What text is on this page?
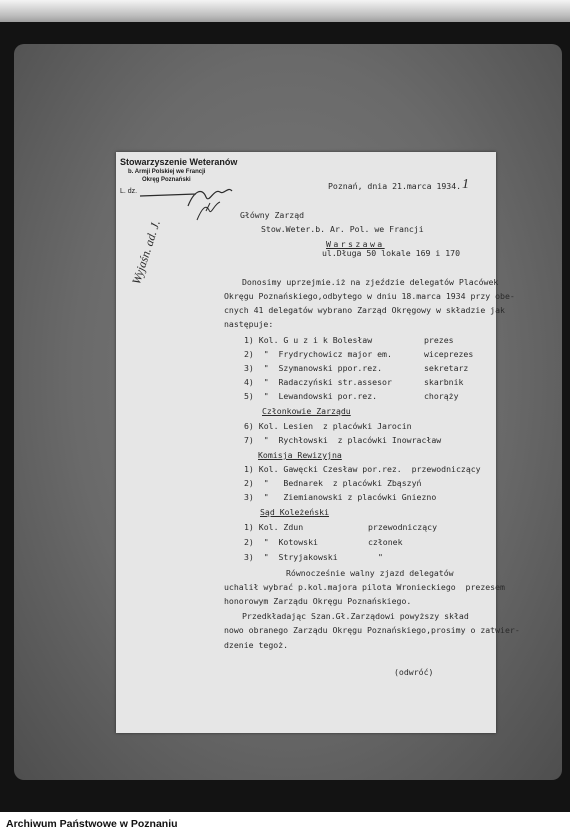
Stowarzyszenie Weteranów
b. Armji Polskiej we Francji
Okręg Poznański
L. dz.	1
Wyjaśn. ad. J.
Poznań, dnia 21.marca 1934.
Główny Zarząd
Stow.Weter.b. Ar. Pol. we Francji
Warszawa
ul.Długa 50 lokale 169 i 170
Donosimy uprzejmie.iż na zjeździe delegatów Placówek
Okręgu Poznańskiego,odbytego w dniu 18.marca 1934 przy obe-
cnych 41 delegatów wybrano Zarząd Okręgowy w składzie jak
następuje:
1) Kol. G u z i k Bolesław	prezes
2)  "  Frydrychowicz major em.	wiceprezes
3)  "  Szymanowski ppor.rez.	sekretarz
4)  "  Radaczyński str.assesor	skarbnik
5)  "  Lewandowski por.rez.	chorąży
Członkowie Zarządu
6) Kol. Lesien  z placówki Jarocin
7)  "  Rychłowski  z placówki Inowracław
Komisja Rewizyjna
1) Kol. Gawęcki Czesław por.rez.  przewodniczący
2)  "   Bednarek  z placówki Zbąszyń
3)  "   Ziemianowski z placówki Gniezno
Sąd Koleżeński
1) Kol. Zdun	przewodniczący
2)  "  Kotowski	członek
3)  "  Stryjakowski	"
Równocześnie walny zjazd delegatów
uchalił wybrać p.kol.majora pilota Wronieckiego  prezesem
honorowym Zarządu Okręgu Poznańskiego.
Przedkładając Szan.Gł.Zarządowi powyższy skład
nowo obranego Zarządu Okręgu Poznańskiego,prosimy o zatwier-
dzenie tegoż.
(odwróć)
Archiwum Państwowe w Poznaniu
